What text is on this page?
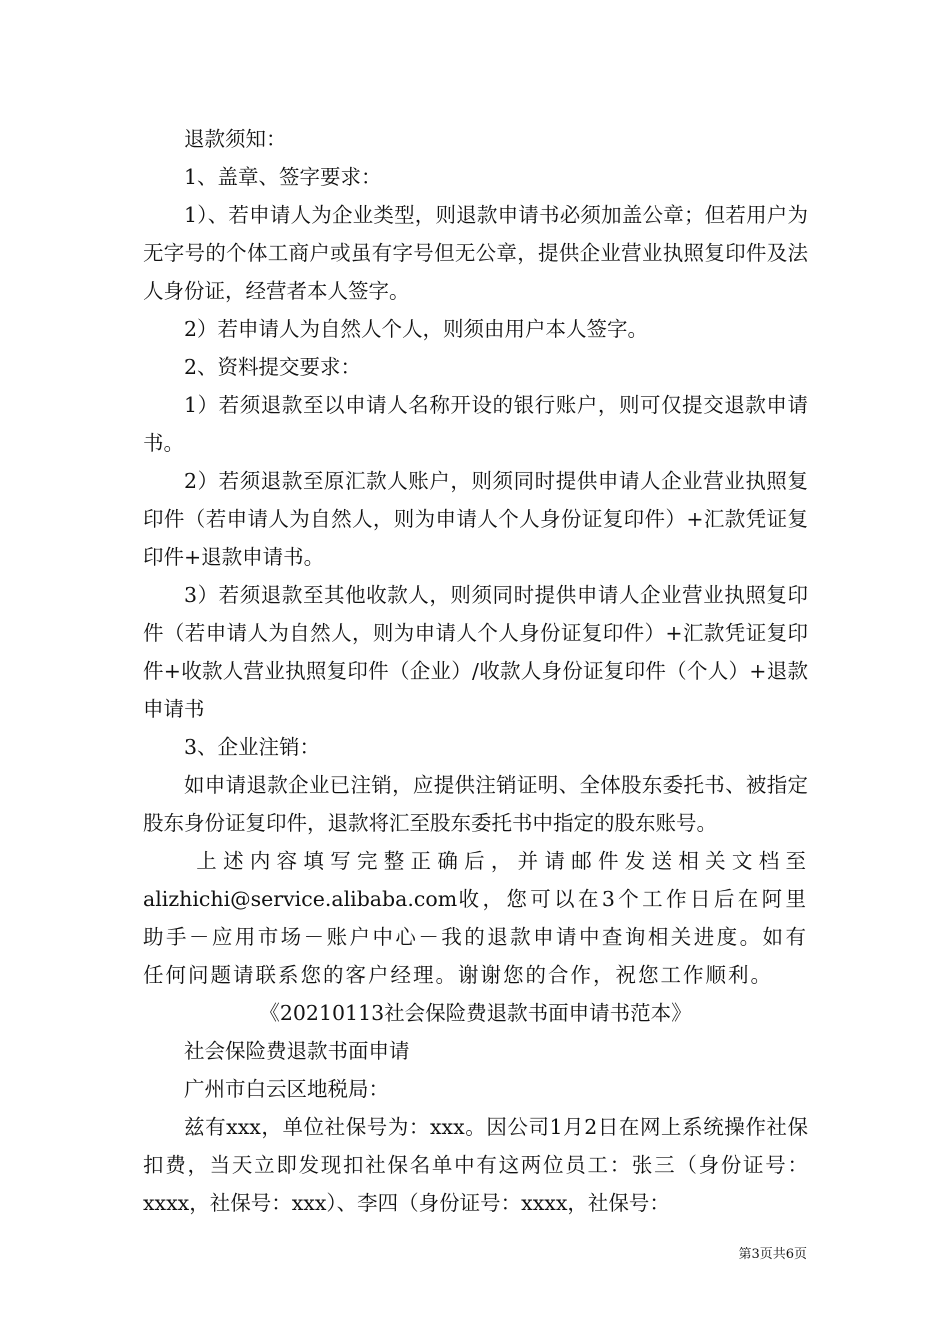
退款须知：

1、盖章、签字要求：

1）、若申请人为企业类型，则退款申请书必须加盖公章；但若用户为无字号的个体工商户或虽有字号但无公章，提供企业营业执照复印件及法人身份证，经营者本人签字。

2）若申请人为自然人个人，则须由用户本人签字。

2、资料提交要求：

1）若须退款至以申请人名称开设的银行账户，则可仅提交退款申请书。

2）若须退款至原汇款人账户，则须同时提供申请人企业营业执照复印件（若申请人为自然人，则为申请人个人身份证复印件）+汇款凭证复印件+退款申请书。

3）若须退款至其他收款人，则须同时提供申请人企业营业执照复印件（若申请人为自然人，则为申请人个人身份证复印件）+汇款凭证复印件+收款人营业执照复印件（企业）/收款人身份证复印件（个人）+退款申请书

3、企业注销：

如申请退款企业已注销，应提供注销证明、全体股东委托书、被指定股东身份证复印件，退款将汇至股东委托书中指定的股东账号。

上述内容填写完整正确后，并请邮件发送相关文档至alizhichi@service.alibaba.com收，您可以在3个工作日后在阿里助手－应用市场－账户中心－我的退款申请中查询相关进度。如有任何问题请联系您的客户经理。谢谢您的合作，祝您工作顺利。

《20210113社会保险费退款书面申请书范本》

社会保险费退款书面申请

广州市白云区地税局：

兹有xxx，单位社保号为：xxx。因公司1月2日在网上系统操作社保扣费，当天立即发现扣社保名单中有这两位员工：张三（身份证号：xxxx，社保号：xxx）、李四（身份证号：xxxx，社保号：

第3页共6页
